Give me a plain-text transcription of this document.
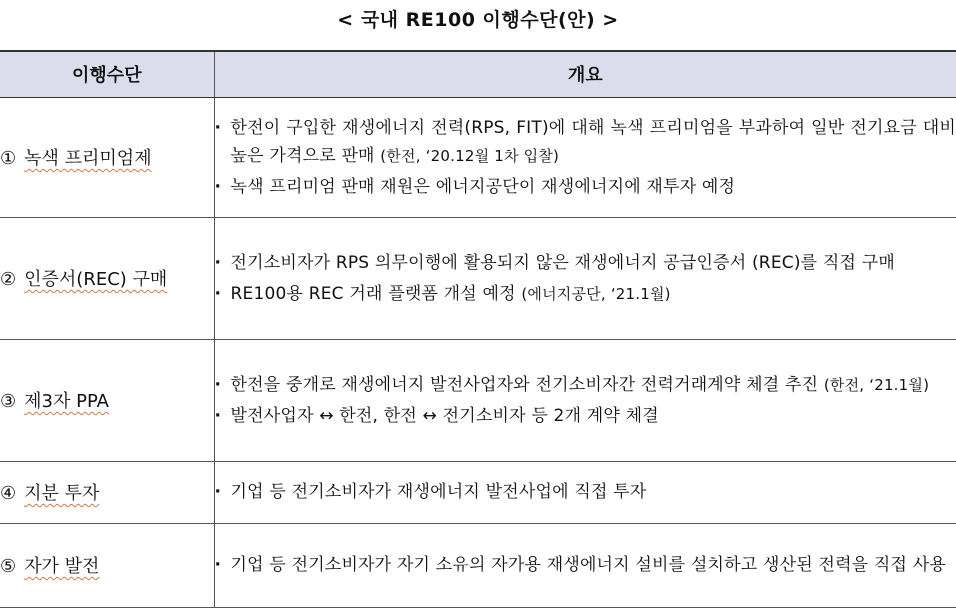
< 국내 RE100 이행수단(안) >
이행수단	개요
① 녹색 프리미엄제	· 한전이 구입한 재생에너지 전력(RPS, FIT)에 대해 녹색 프리미엄을 부과하여 일반 전기요금 대비 높은 가격으로 판매 (한전, ‘20.12월 1차 입찰)
· 녹색 프리미엄 판매 재원은 에너지공단이 재생에너지에 재투자 예정

② 인증서(REC) 구매	· 전기소비자가 RPS 의무이행에 활용되지 않은 재생에너지 공급인증서 (REC)를 직접 구매
· RE100용 REC 거래 플랫폼 개설 예정 (에너지공단, ‘21.1월)

③ 제3자 PPA	· 한전을 중개로 재생에너지 발전사업자와 전기소비자간 전력거래계약 체결 추진 (한전, ‘21.1월)
· 발전사업자 ↔ 한전, 한전 ↔ 전기소비자 등 2개 계약 체결

④ 지분 투자	· 기업 등 전기소비자가 재생에너지 발전사업에 직접 투자

⑤ 자가 발전	· 기업 등 전기소비자가 자기 소유의 자가용 재생에너지 설비를 설치하고 생산된 전력을 직접 사용
